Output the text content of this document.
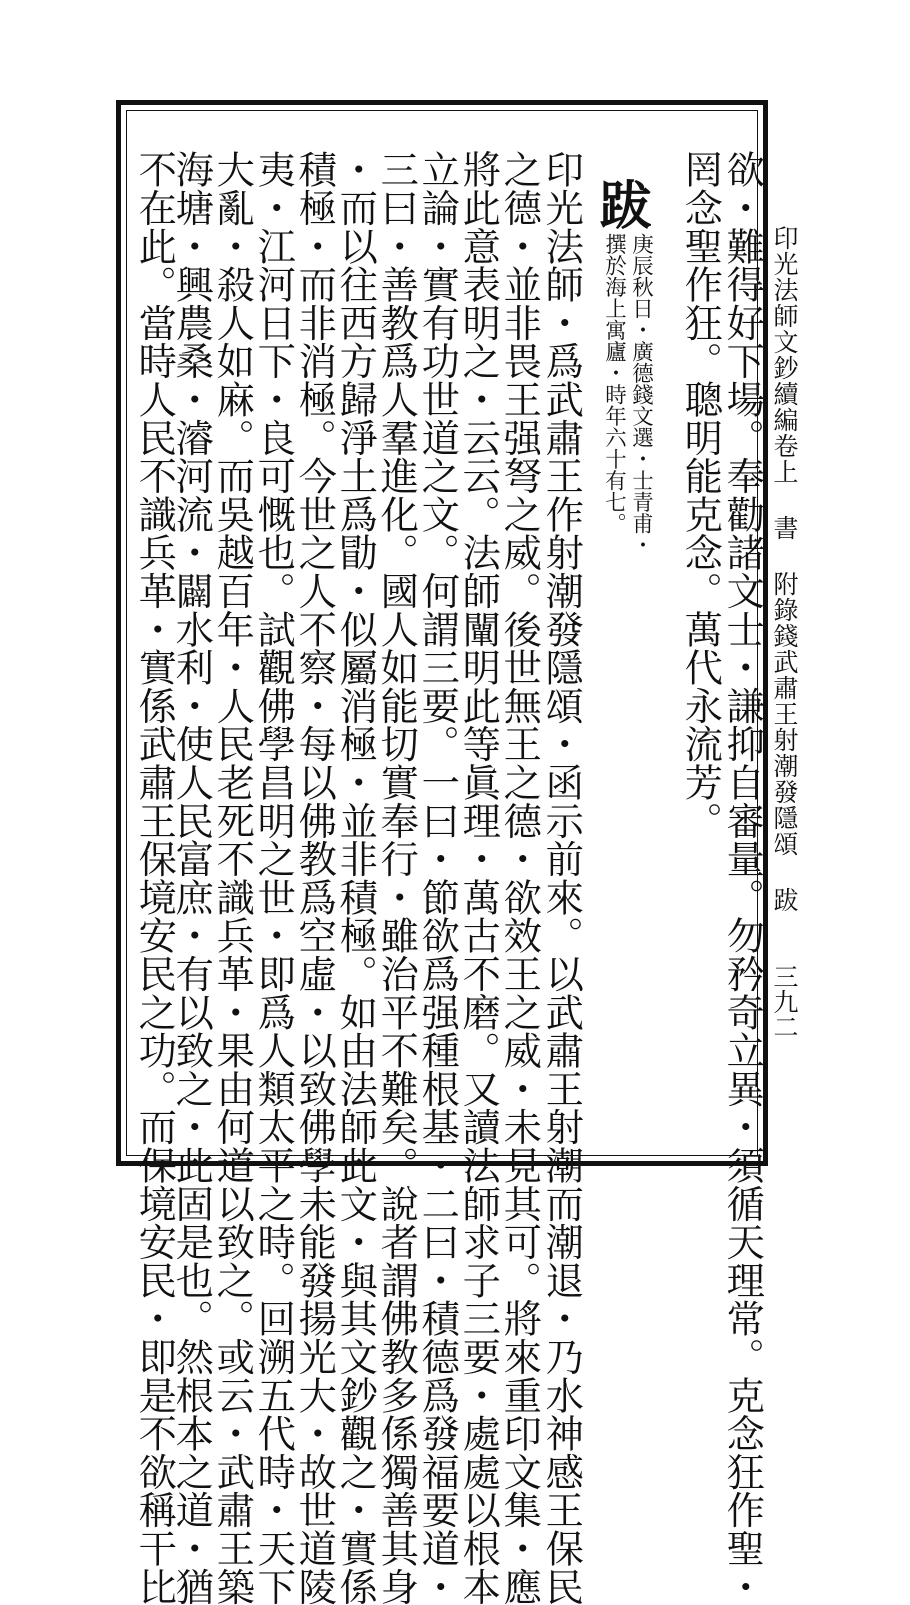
印光法師文鈔續編卷上書附錄錢武肅王射潮發隱頌跋
三九二
罔念聖作狂。聰明能克念。萬代永流芳。
欲・難得好下場。奉勸諸文士・謙抑自審量。勿矜奇立異・須循天理常。克念狂作聖・
跋
庚辰秋日・廣德錢文選・士青甫・
撰於海上寓廬・時年六十有七。
印光法師・爲武肅王作射潮發隱頌・函示前來。以武肅王射潮而潮退・乃水神感王保民
之德・並非畏王强弩之威。後世無王之德・欲效王之威・未見其可。將來重印文集・應
將此意表明之・云云。法師闡明此等眞理・萬古不磨。又讀法師求子三要・處處以根本
立論・實有功世道之文。何謂三要。一曰・節欲爲强種根基・二曰・積德爲發福要道・
三曰・善教爲人羣進化。國人如能切實奉行・雖治平不難矣。說者謂佛教多係獨善其身
・而以往西方歸淨土爲勖・似屬消極・並非積極。如由法師此文・與其文鈔觀之・實係
積極・而非消極。今世之人不察・每以佛教爲空虛・以致佛學未能發揚光大・故世道陵
夷・江河日下・良可慨也。試觀佛學昌明之世・即爲人類太平之時。回溯五代時・天下
大亂・殺人如麻。而吳越百年・人民老死不識兵革・果由何道以致之。或云・武肅王築
海塘・興農桑・濬河流・闢水利・使人民富庶・有以致之・此固是也。然根本之道・猶
不在此。當時人民不識兵革・實係武肅王保境安民之功。而保境安民・即是不欲稱干比
